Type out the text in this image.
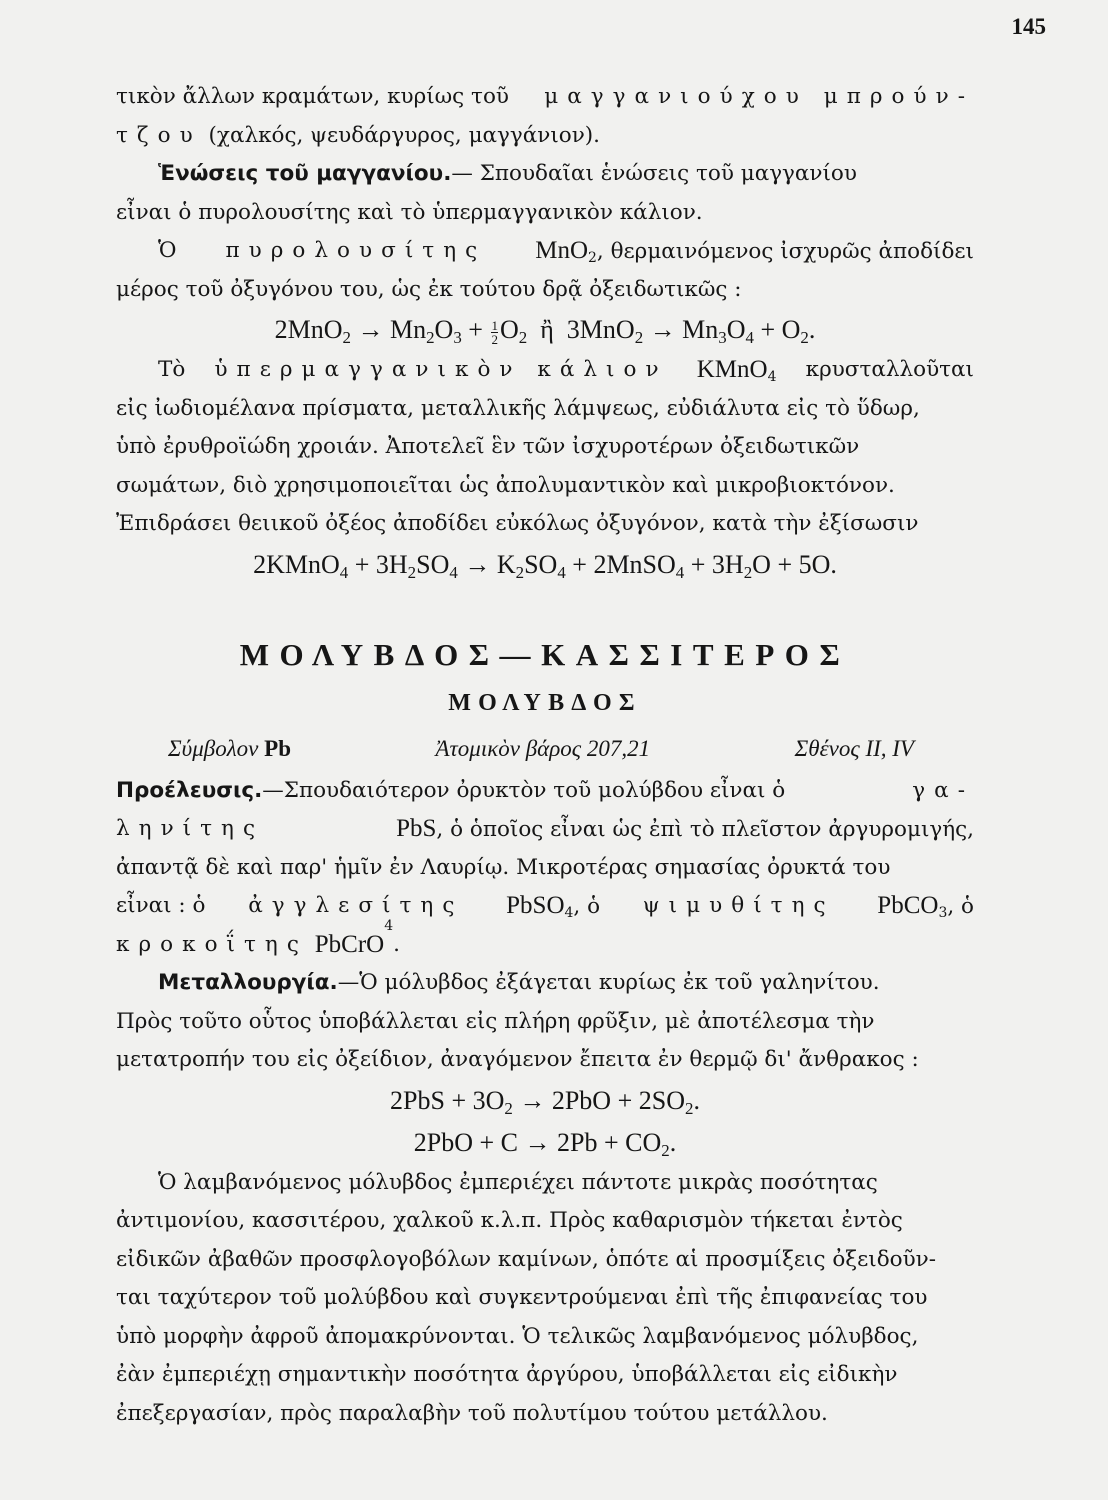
145
τικὸν ἄλλων κραμάτων, κυρίως τοῦ μαγγανιούχου μπρούν-
τζου
(χαλκός, ψευδάργυρος, μαγγάνιον).
Ἑνώσεις τοῦ μαγγανίου. — Σπουδαῖαι ἑνώσεις τοῦ μαγγανίου
εἶναι ὁ πυρολουσίτης καὶ τὸ ὑπερμαγγανικὸν κάλιον.
Ὁ πυρολουσίτης MnO$_2$, θερμαινόμενος ἰσχυρῶς ἀποδίδει
μέρος τοῦ ὀξυγόνου του, ὡς ἐκ τούτου δρᾷ ὀξειδωτικῶς :
$2MnO_2 \to Mn_2O_3 + \frac{1}{2} O_2$ ἢ $3MnO_2 \to Mn_3O_4 + O_2$.
Τὸ ὑπερμαγγανικὸν κάλιον KMnO$_4$ κρυσταλλοῦται
εἰς ἰωδιομέλανα πρίσματα, μεταλλικῆς λάμψεως, εὐδιάλυτα εἰς τὸ ὕδωρ,
ὑπὸ ἐρυθροϊώδη χροιάν. Ἀποτελεῖ ἓν τῶν ἰσχυροτέρων ὀξειδωτικῶν
σωμάτων, διὸ χρησιμοποιεῖται ὡς ἀπολυμαντικὸν καὶ μικροβιοκτόνον.
Ἐπιδράσει θειικοῦ ὀξέος ἀποδίδει εὐκόλως ὀξυγόνον, κατὰ τὴν ἐξίσωσιν
2KMnO$_4$ + $3H_2SO_4 \to K_2SO_4$ + 2MnSO$_4$ + $3H_2O + 5O$.
ΜΟΛΥΒΔΟΣ—ΚΑΣΣΙΤΕΡΟΣ
ΜΟΛΥΒΔΟΣ
Σύμβολον Pb	Ἀτομικὸν βάρος 207,21	Σθένος II, IV
Προέλευσις.—Σπουδαιότερον ὀρυκτὸν τοῦ μολύβδου εἶναι ὁ	γα-
ληνίτης	PbS, ὁ ὁποῖος εἶναι ὡς ἐπὶ τὸ πλεῖστον ἀργυρομιγής,
ἀπαντᾷ δὲ καὶ παρ' ἡμῖν ἐν Λαυρίῳ. Μικροτέρας σημασίας ὀρυκτά του
εἶναι : ὁ ἀγγλεσίτης PbSO$_4$, ὁ ψιμυθίτης PbCO$_3$, ὁ
κροκοΐτης
PbCrO
4
.
Μεταλλουργία. —Ὁ μόλυβδος ἐξάγεται κυρίως ἐκ τοῦ γαληνίτου.
Πρὸς τοῦτο οὗτος ὑποβάλλεται εἰς πλήρη φρῦξιν, μὲ ἀποτέλεσμα τὴν
μετατροπήν του εἰς ὀξείδιον, ἀναγόμενον ἔπειτα ἐν θερμῷ δι' ἄνθρακος :
$2PbS + 3O_2 \to 2PbO + 2SO_2$.
$2PbO + C \to 2Pb + CO_2$.
Ὁ λαμβανόμενος μόλυβδος ἐμπεριέχει πάντοτε μικρὰς ποσότητας
ἀντιμονίου, κασσιτέρου, χαλκοῦ κ.λ.π. Πρὸς καθαρισμὸν τήκεται ἐντὸς
εἰδικῶν ἀβαθῶν προσφλογοβόλων καμίνων, ὁπότε αἱ προσμίξεις ὀξειδοῦν-
ται ταχύτερον τοῦ μολύβδου καὶ συγκεντρούμεναι ἐπὶ τῆς ἐπιφανείας του
ὑπὸ μορφὴν ἀφροῦ ἀπομακρύνονται. Ὁ τελικῶς λαμβανόμενος μόλυβδος,
ἐὰν ἐμπεριέχῃ σημαντικὴν ποσότητα ἀργύρου, ὑποβάλλεται εἰς εἰδικὴν
ἐπεξεργασίαν, πρὸς παραλαβὴν τοῦ πολυτίμου τούτου μετάλλου.
